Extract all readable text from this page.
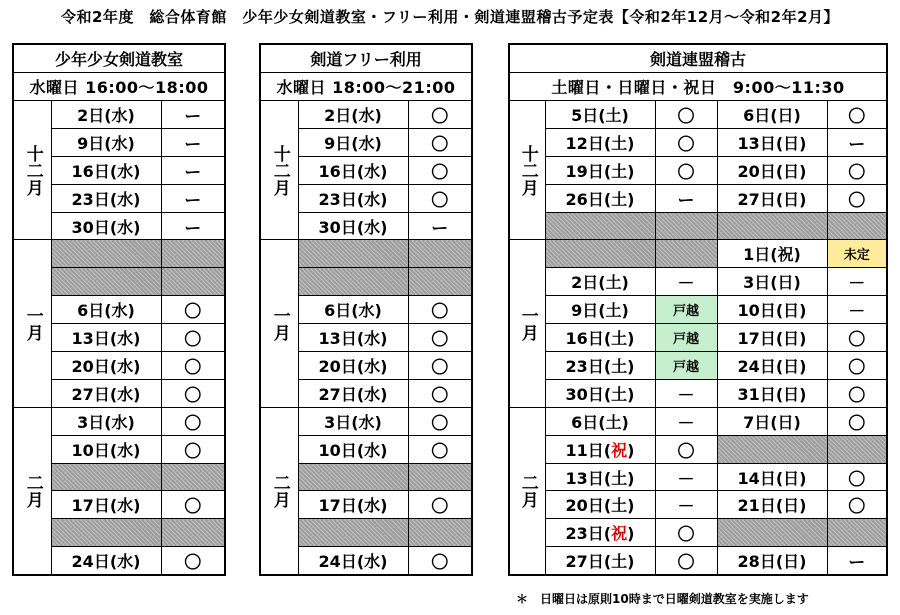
令和2年度　総合体育館　少年少女剣道教室・フリー利用・剣道連盟稽古予定表【令和2年12月～令和2年2月】
少年少女剣道教室		
水曜日 16:00～18:00		
十二月	2日(水)	ー
	9日(水)	ー
	16日(水)	ー
	23日(水)	ー
	30日(水)	ー
一月		

	6日(水)	〇
	13日(水)	〇
	20日(水)	〇
	27日(水)	〇
二月	3日(水)	〇
	10日(水)	〇

	17日(水)	〇

	24日(水)	〇
剣道フリー利用		
水曜日 18:00～21:00		
十二月	2日(水)	〇
	9日(水)	〇
	16日(水)	〇
	23日(水)	〇
	30日(水)	ー
一月		

	6日(水)	〇
	13日(水)	〇
	20日(水)	〇
	27日(水)	〇
二月	3日(水)	〇
	10日(水)	〇

	17日(水)	〇

	24日(水)	〇
剣道連盟稽古				
土曜日・日曜日・祝日　9:00～11:30				
十二月	5日(土)	〇	6日(日)	〇
	12日(土)	〇	13日(日)	ー
	19日(土)	〇	20日(日)	〇
	26日(土)	ー	27日(日)	〇

一月			1日(祝)	未定
	2日(土)	－	3日(日)	－
	9日(土)	戸越	10日(日)	－
	16日(土)	戸越	17日(日)	〇
	23日(土)	戸越	24日(日)	〇
	30日(土)	－	31日(日)	〇
二月	6日(土)	－	7日(日)	〇
	11日(祝)	〇		
	13日(土)	－	14日(日)	〇
	20日(土)	－	21日(日)	〇
	23日(祝)	〇		
	27日(土)	〇	28日(日)	ー
＊　日曜日は原則10時まで日曜剣道教室を実施します
